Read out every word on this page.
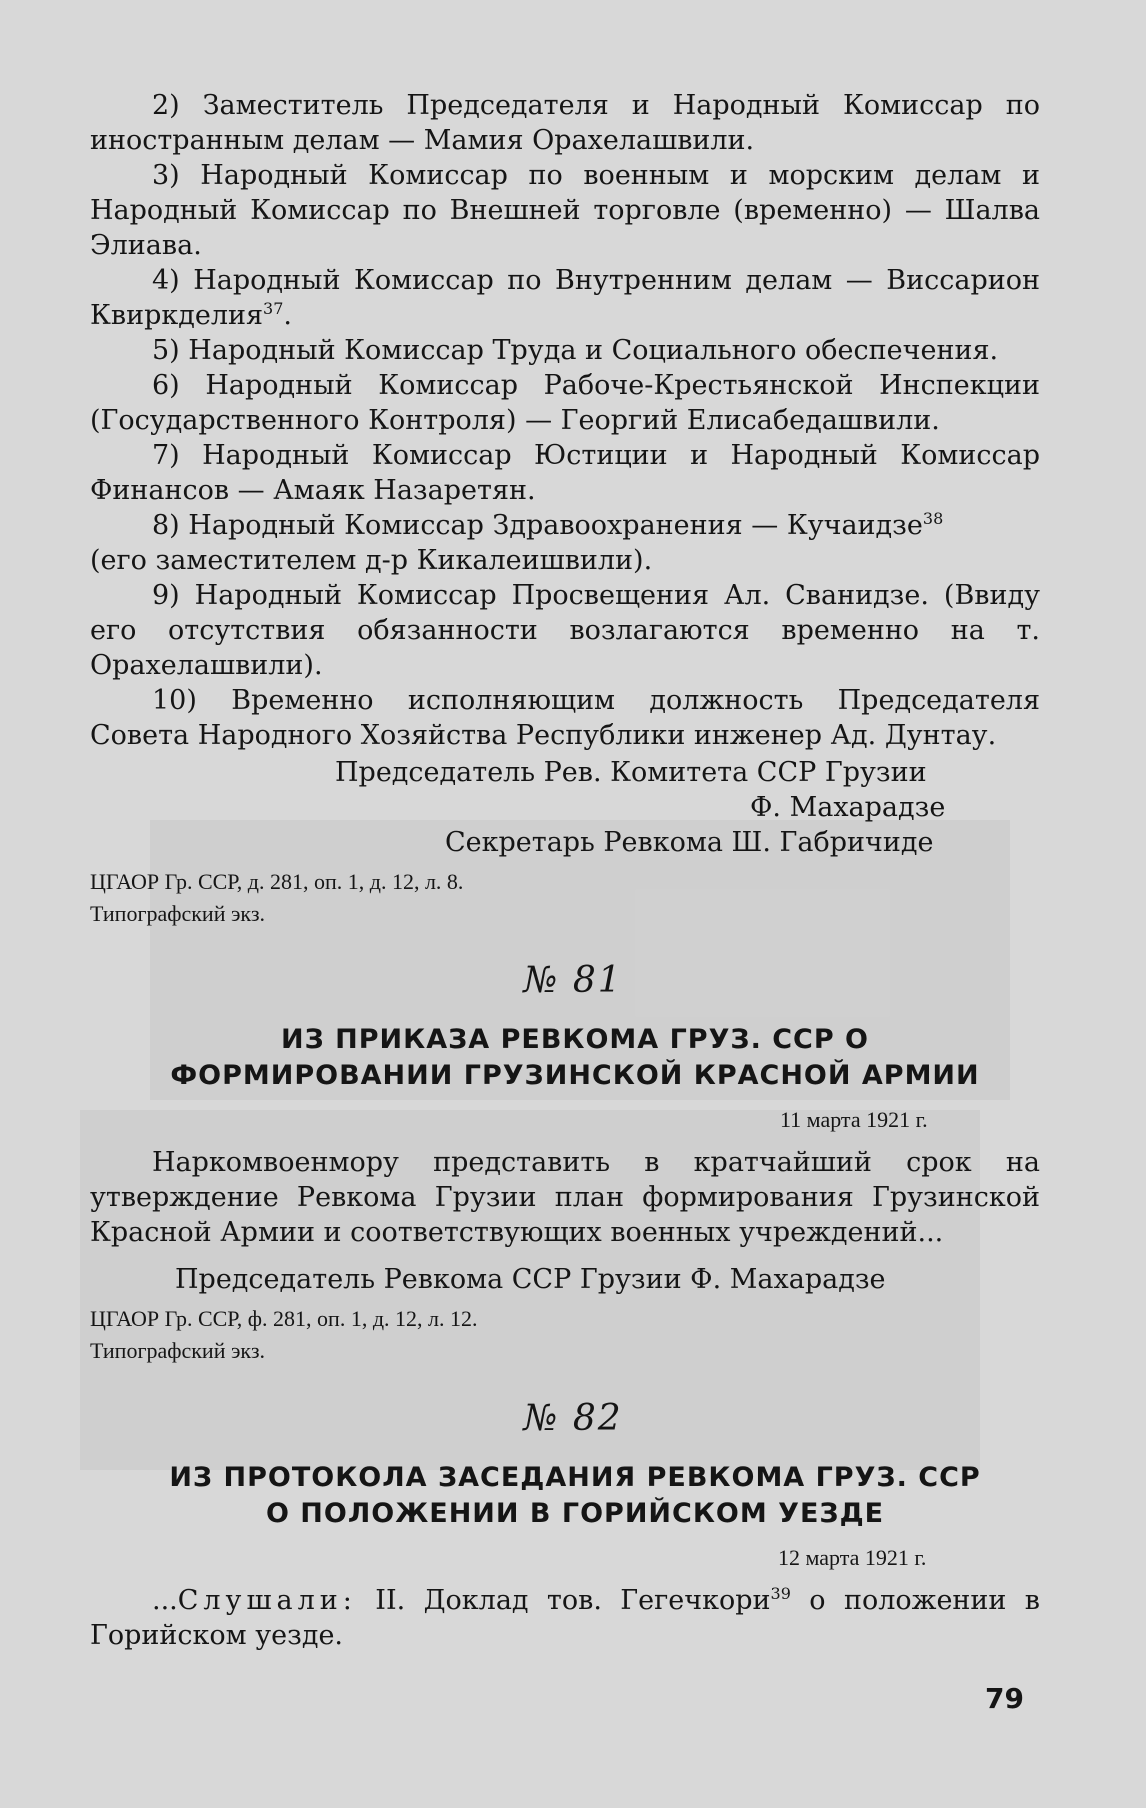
2) Заместитель Председателя и Народный Комиссар по иностранным делам — Мамия Орахелашвили.
3) Народный Комиссар по военным и морским делам и Народный Комиссар по Внешней торговле (временно) — Шалва Элиава.
4) Народный Комиссар по Внутренним делам — Виссарион Квиркделия$^{37}$.
5) Народный Комиссар Труда и Социального обеспечения.
6) Народный Комиссар Рабоче-Крестьянской Инспекции (Государственного Контроля) — Георгий Елисабедашвили.
7) Народный Комиссар Юстиции и Народный Комиссар Финансов — Амаяк Назаретян.
8) Народный Комиссар Здравоохранения — Кучаидзе$^{38}$
(его заместителем д-р Кикалеишвили).
9) Народный Комиссар Просвещения Ал. Сванидзе. (Ввиду его отсутствия обязанности возлагаются временно на т. Орахелашвили).
10) Временно исполняющим должность Председателя Совета Народного Хозяйства Республики инженер Ад. Дунтау.
Председатель Рев. Комитета ССР Грузии
Ф. Махарадзе
Секретарь Ревкома Ш. Габричиде
ЦГАОР Гр. ССР, д. 281, оп. 1, д. 12, л. 8.
Типографский экз.
№ 81
ИЗ ПРИКАЗА РЕВКОМА ГРУЗ. ССР О
ФОРМИРОВАНИИ ГРУЗИНСКОЙ КРАСНОЙ АРМИИ
11 марта 1921 г.
Наркомвоенмору представить в кратчайший срок на утверждение Ревкома Грузии план формирования Грузинской Красной Армии и соответствующих военных учреждений...
Председатель Ревкома ССР Грузии Ф. Махарадзе
ЦГАОР Гр. ССР, ф. 281, оп. 1, д. 12, л. 12.
Типографский экз.
№ 82
ИЗ ПРОТОКОЛА ЗАСЕДАНИЯ РЕВКОМА ГРУЗ. ССР
О ПОЛОЖЕНИИ В ГОРИЙСКОМ УЕЗДЕ
12 марта 1921 г.
...Слушали: II. Доклад тов. Гегечкори$^{39}$ о положении в Горийском уезде.
79
